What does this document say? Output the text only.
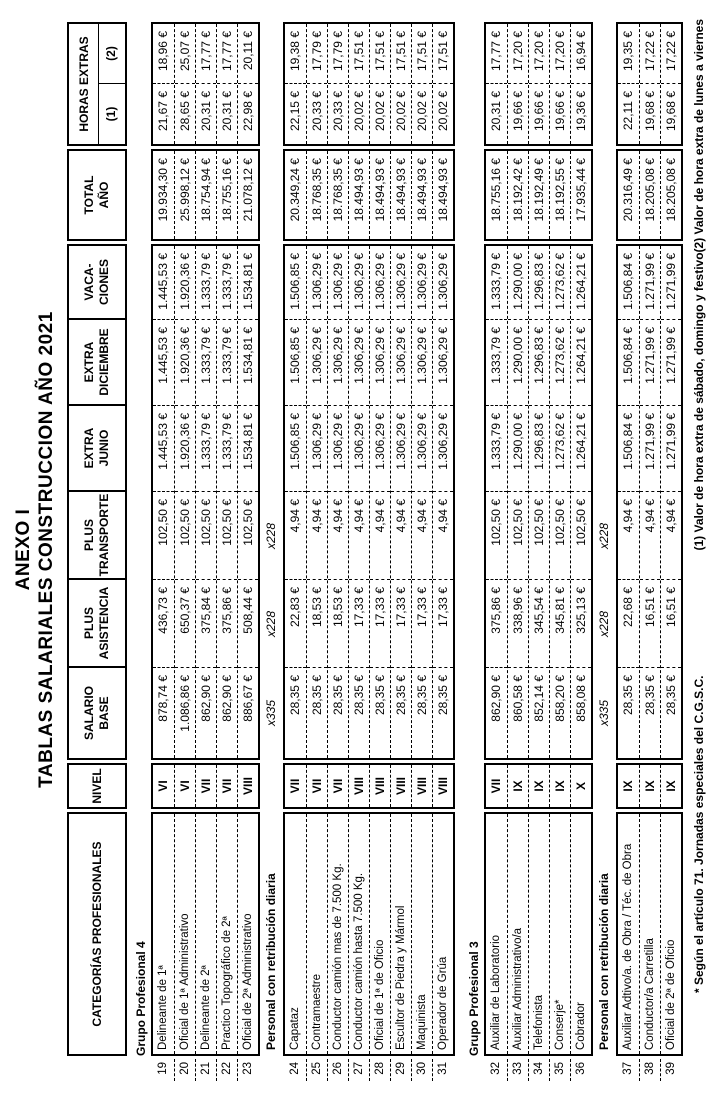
ANEXO I TABLAS SALARIALES CONSTRUCCION AÑO 2021
CATEGORÍAS PROFESIONALES
NIVEL
SALARIO BASE
PLUS ASISTENCIA
PLUS TRANSPORTE
EXTRA JUNIO
EXTRA DICIEMBRE
VACA- CIONES
TOTAL AÑO
HORAS EXTRAS	(1)
(2)
Grupo Profesional 4
19 20 21 22 23
Delineante de 1ª Oficial de 1ª Administrativo Delineante de 2ª Practico Topográfico de 2ª Oficial de 2ª Administrativo
VI VI VII VII VIII
878,74 €
436,73 €
102,50 €
1.445,53 €
1.445,53 €
1.445,53 €
1.086,86 €
650,37 €
102,50 €
1.920,36 €
1.920,36 €
1.920,36 €
862,90 €
375,84 €
102,50 €
1.333,79 €
1.333,79 €
1.333,79 €
862,90 €
375,86 €
102,50 €
1.333,79 €
1.333,79 €
1.333,79 €
886,67 €
508,44 €
102,50 €
1.534,81 €
1.534,81 €
1.534,81 €
19.934,30 € 25.998,12 € 18.754,94 € 18.755,16 € 21.078,12 €
21,67 €
18,96 €
28,65 €
25,07 €
20,31 €
17,77 €
20,31 €
17,77 €
22,98 €
20,11 €
Personal con retribución diaria
x335
x228
x228
24 25 26 27 28 29 30 31
Capataz Contramaestre Conductor camión mas de 7.500 Kg. Conductor camión hasta 7.500 Kg. Oficial de 1ª de Oficio Escultor de Piedra y Mármol Maquinista Operador de Grúa
VII VII VII VIII VIII VIII VIII VIII
28,35 €
22,83 €
4,94 €
1.506,85 €
1.506,85 €
1.506,85 €
28,35 €
18,53 €
4,94 €
1.306,29 €
1.306,29 €
1.306,29 €
28,35 €
18,53 €
4,94 €
1.306,29 €
1.306,29 €
1.306,29 €
28,35 €
17,33 €
4,94 €
1.306,29 €
1.306,29 €
1.306,29 €
28,35 €
17,33 €
4,94 €
1.306,29 €
1.306,29 €
1.306,29 €
28,35 €
17,33 €
4,94 €
1.306,29 €
1.306,29 €
1.306,29 €
28,35 €
17,33 €
4,94 €
1.306,29 €
1.306,29 €
1.306,29 €
28,35 €
17,33 €
4,94 €
1.306,29 €
1.306,29 €
1.306,29 €
20.349,24 € 18.768,35 € 18.768,35 € 18.494,93 € 18.494,93 € 18.494,93 € 18.494,93 € 18.494,93 €
22,15 €
19,38 €
20,33 €
17,79 €
20,33 €
17,79 €
20,02 €
17,51 €
20,02 €
17,51 €
20,02 €
17,51 €
20,02 €
17,51 €
20,02 €
17,51 €
Grupo Profesional 3
32 33 34 35 36
Auxiliar de Laboratorio Auxiliar Administrativo/a Telefonista Conserje* Cobrador
VII IX IX IX X
862,90 €
375,86 €
102,50 €
1.333,79 €
1.333,79 €
1.333,79 €
860,58 €
338,96 €
102,50 €
1.290,00 €
1.290,00 €
1.290,00 €
852,14 €
345,54 €
102,50 €
1.296,83 €
1.296,83 €
1.296,83 €
858,20 €
345,81 €
102,50 €
1.273,62 €
1.273,62 €
1.273,62 €
858,08 €
325,13 €
102,50 €
1.264,21 €
1.264,21 €
1.264,21 €
18.755,16 € 18.192,42 € 18.192,49 € 18.192,55 € 17.935,44 €
20,31 €
17,77 €
19,66 €
17,20 €
19,66 €
17,20 €
19,66 €
17,20 €
19,36 €
16,94 €
Personal con retribución diaria
x335
x228
x228
37 38 39
Auxiliar Adtivo/a. de Obra / Téc. de Obra Conductor/a Carretilla Oficial de 2ª de Oficio
IX IX IX
28,35 €
22,68 €
4,94 €
1.506,84 €
1.506,84 €
1.506,84 €
28,35 €
16,51 €
4,94 €
1.271,99 €
1.271,99 €
1.271,99 €
28,35 €
16,51 €
4,94 €
1.271,99 €
1.271,99 €
1.271,99 €
20.316,49 € 18.205,08 € 18.205,08 €
22,11 €
19,35 €
19,68 €
17,22 €
19,68 €
17,22 €
* Según el artículo 71. Jornadas especiales del C.G.S.C.
(1) Valor de hora extra de sábado, domingo y festivo
(2) Valor de hora extra de lunes a viernes
